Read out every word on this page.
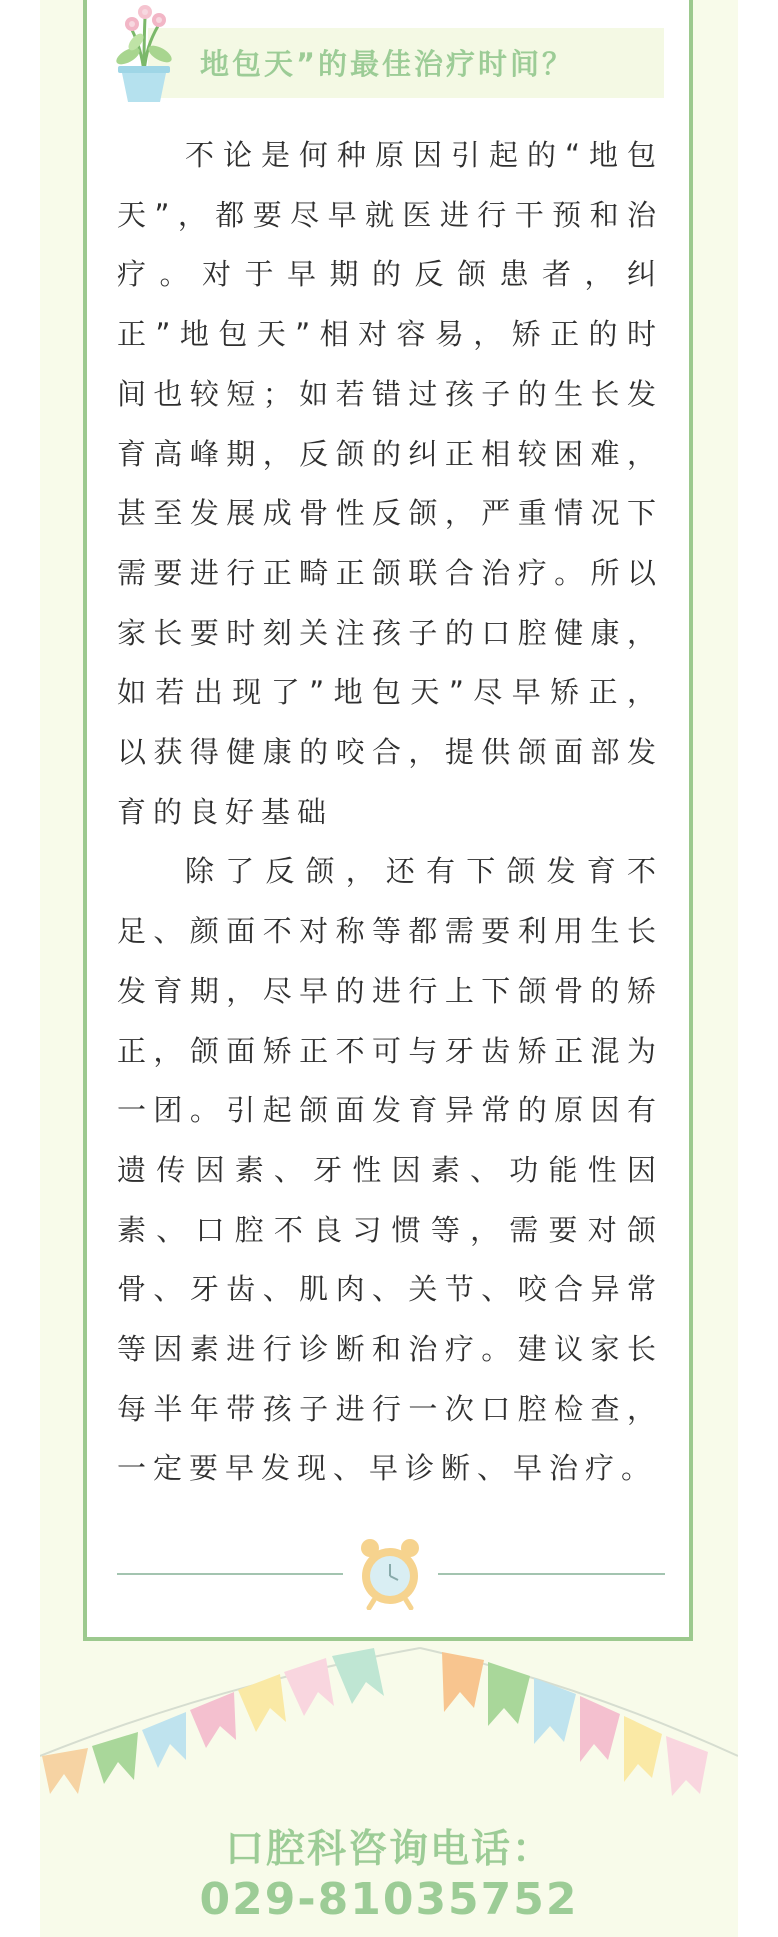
地包天”的最佳治疗时间？

不论是何种原因引起的“地包天”，都要尽早就医进行干预和治疗。对于早期的反颌患者，纠正”地包天”相对容易，矫正的时间也较短；如若错过孩子的生长发育高峰期，反颌的纠正相较困难，甚至发展成骨性反颌，严重情况下需要进行正畸正颌联合治疗。所以家长要时刻关注孩子的口腔健康，如若出现了”地包天”尽早矫正，以获得健康的咬合，提供颌面部发育的良好基础

除了反颌，还有下颌发育不足、颜面不对称等都需要利用生长发育期，尽早的进行上下颌骨的矫正，颌面矫正不可与牙齿矫正混为一团。引起颌面发育异常的原因有遗传因素、牙性因素、功能性因素、口腔不良习惯等，需要对颌骨、牙齿、肌肉、关节、咬合异常等因素进行诊断和治疗。建议家长每半年带孩子进行一次口腔检查，一定要早发现、早诊断、早治疗。

口腔科咨询电话：
029-81035752
